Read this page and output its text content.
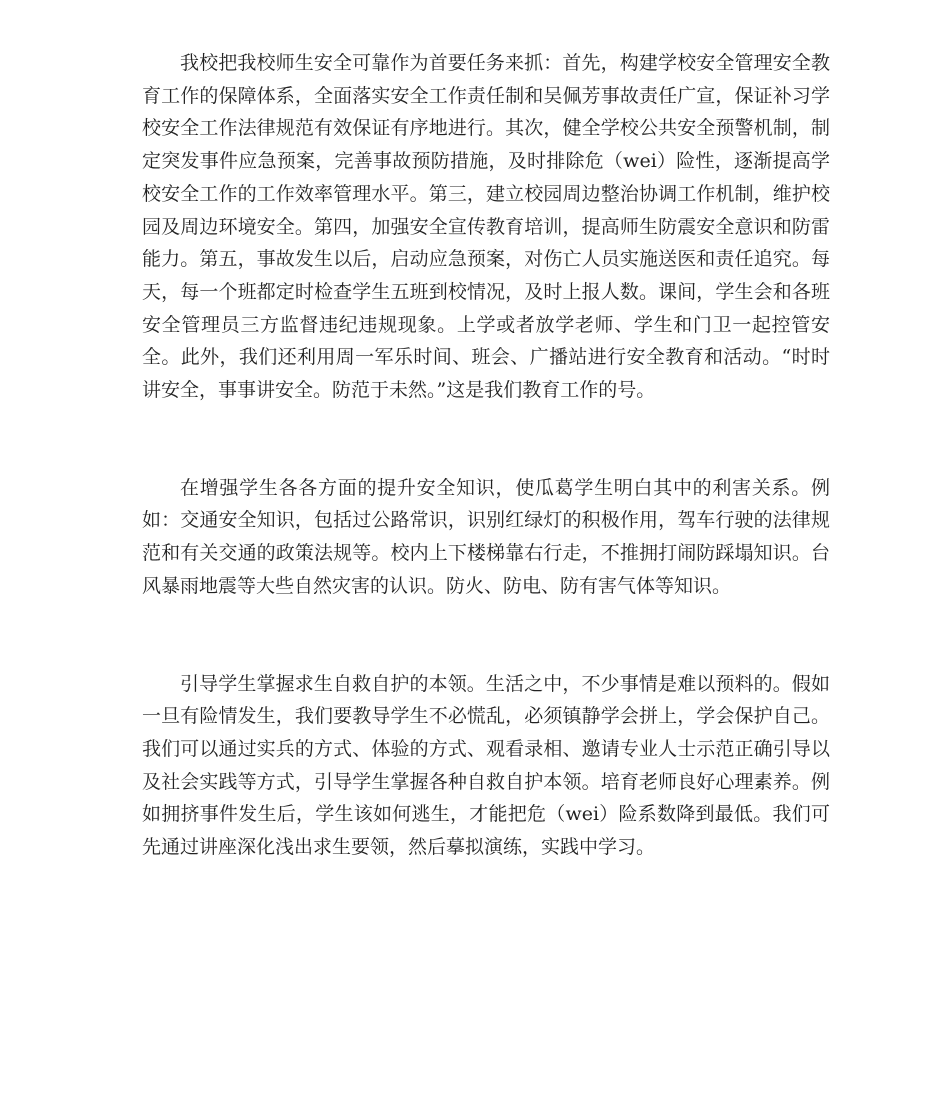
我校把我校师生安全可靠作为首要任务来抓：首先，构建学校安全管理安全教育工作的保障体系，全面落实安全工作责任制和吴佩芳事故责任广宣，保证补习学校安全工作法律规范有效保证有序地进行。其次，健全学校公共安全预警机制，制定突发事件应急预案，完善事故预防措施，及时排除危（wei）险性，逐渐提高学校安全工作的工作效率管理水平。第三，建立校园周边整治协调工作机制，维护校园及周边环境安全。第四，加强安全宣传教育培训，提高师生防震安全意识和防雷能力。第五，事故发生以后，启动应急预案，对伤亡人员实施送医和责任追究。每天，每一个班都定时检查学生五班到校情况，及时上报人数。课间，学生会和各班安全管理员三方监督违纪违规现象。上学或者放学老师、学生和门卫一起控管安全。此外，我们还利用周一军乐时间、班会、广播站进行安全教育和活动。“时时讲安全，事事讲安全。防范于未然。”这是我们教育工作的号。

在增强学生各各方面的提升安全知识，使瓜葛学生明白其中的利害关系。例如：交通安全知识，包括过公路常识，识别红绿灯的积极作用，驾车行驶的法律规范和有关交通的政策法规等。校内上下楼梯靠右行走，不推拥打闹防踩塌知识。台风暴雨地震等大些自然灾害的认识。防火、防电、防有害气体等知识。

引导学生掌握求生自救自护的本领。生活之中，不少事情是难以预料的。假如一旦有险情发生，我们要教导学生不必慌乱，必须镇静学会拼上，学会保护自己。我们可以通过实兵的方式、体验的方式、观看录相、邀请专业人士示范正确引导以及社会实践等方式，引导学生掌握各种自救自护本领。培育老师良好心理素养。例如拥挤事件发生后，学生该如何逃生，才能把危（wei）险系数降到最低。我们可先通过讲座深化浅出求生要领，然后摹拟演练，实践中学习。
